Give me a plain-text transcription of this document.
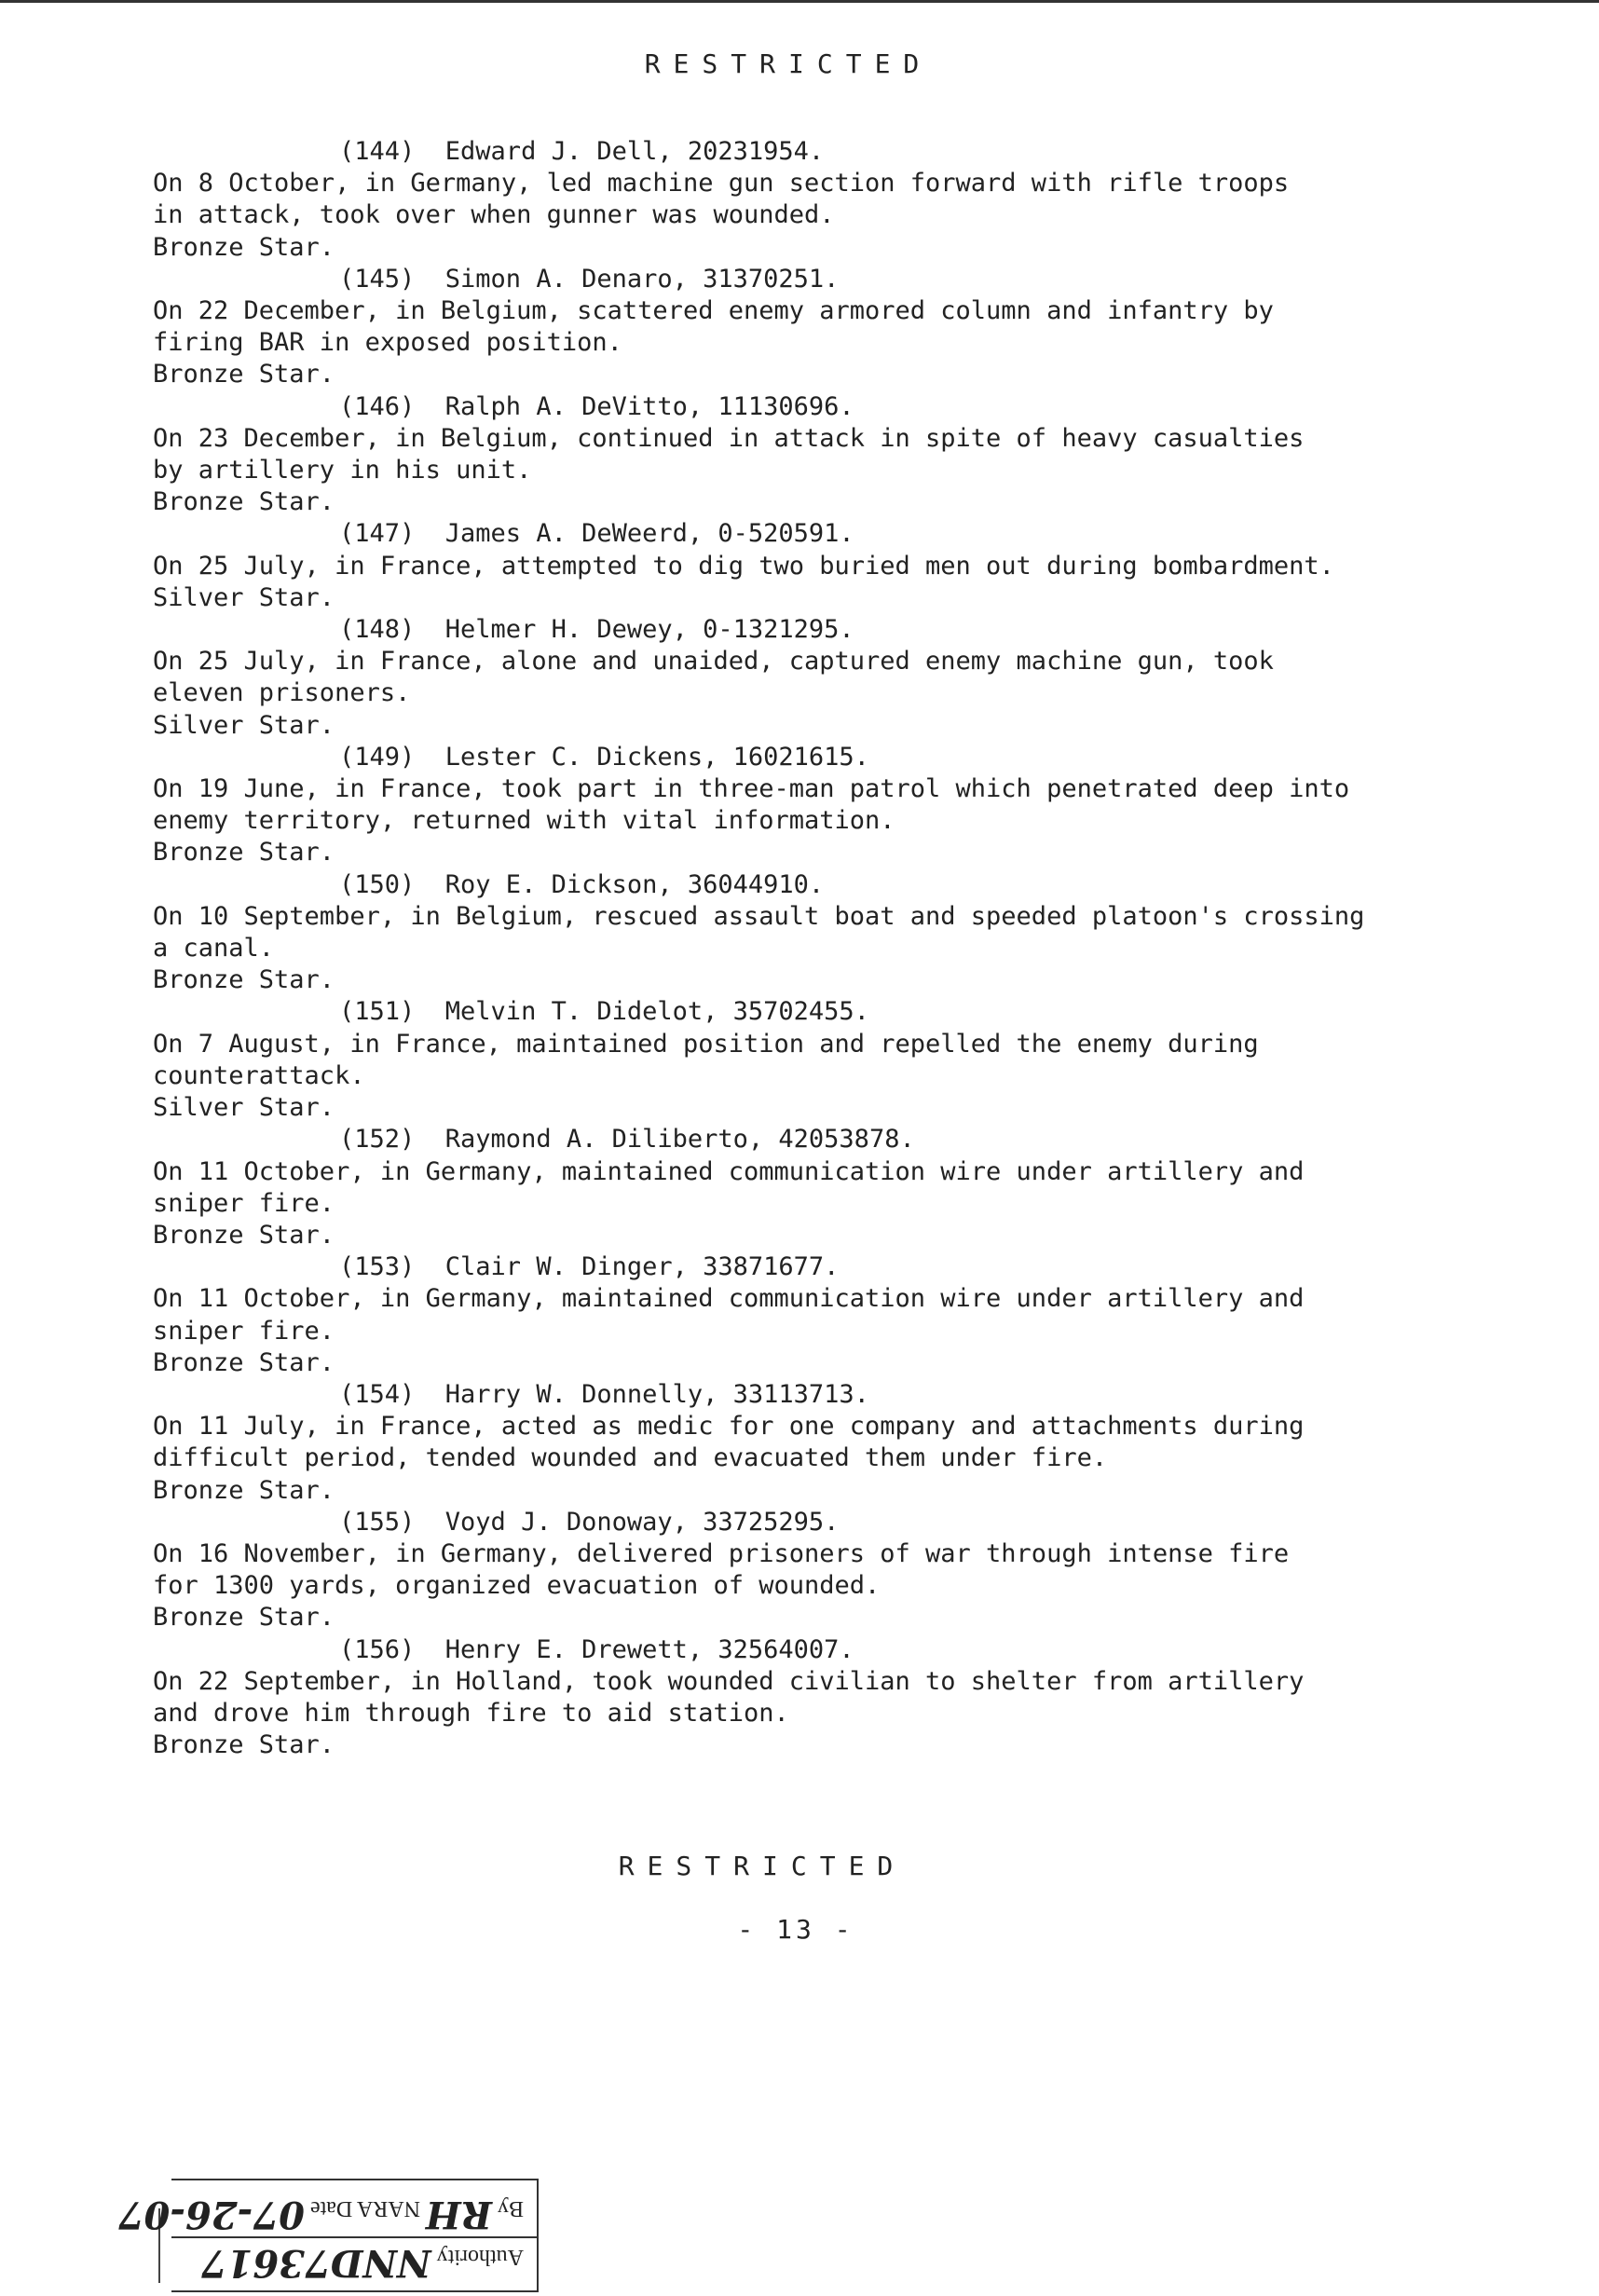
RESTRICTED
(144)  Edward J. Dell, 20231954.
On 8 October, in Germany, led machine gun section forward with rifle troops
in attack, took over when gunner was wounded.
Bronze Star.
(145)  Simon A. Denaro, 31370251.
On 22 December, in Belgium, scattered enemy armored column and infantry by
firing BAR in exposed position.
Bronze Star.
(146)  Ralph A. DeVitto, 11130696.
On 23 December, in Belgium, continued in attack in spite of heavy casualties
by artillery in his unit.
Bronze Star.
(147)  James A. DeWeerd, 0-520591.
On 25 July, in France, attempted to dig two buried men out during bombardment.
Silver Star.
(148)  Helmer H. Dewey, 0-1321295.
On 25 July, in France, alone and unaided, captured enemy machine gun, took
eleven prisoners.
Silver Star.
(149)  Lester C. Dickens, 16021615.
On 19 June, in France, took part in three-man patrol which penetrated deep into
enemy territory, returned with vital information.
Bronze Star.
(150)  Roy E. Dickson, 36044910.
On 10 September, in Belgium, rescued assault boat and speeded platoon's crossing
a canal.
Bronze Star.
(151)  Melvin T. Didelot, 35702455.
On 7 August, in France, maintained position and repelled the enemy during
counterattack.
Silver Star.
(152)  Raymond A. Diliberto, 42053878.
On 11 October, in Germany, maintained communication wire under artillery and
sniper fire.
Bronze Star.
(153)  Clair W. Dinger, 33871677.
On 11 October, in Germany, maintained communication wire under artillery and
sniper fire.
Bronze Star.
(154)  Harry W. Donnelly, 33113713.
On 11 July, in France, acted as medic for one company and attachments during
difficult period, tended wounded and evacuated them under fire.
Bronze Star.
(155)  Voyd J. Donoway, 33725295.
On 16 November, in Germany, delivered prisoners of war through intense fire
for 1300 yards, organized evacuation of wounded.
Bronze Star.
(156)  Henry E. Drewett, 32564007.
On 22 September, in Holland, took wounded civilian to shelter from artillery
and drove him through fire to aid station.
Bronze Star.
RESTRICTED
- 13 -
Authority NND73617
By RH NARA Date 07-26-07
